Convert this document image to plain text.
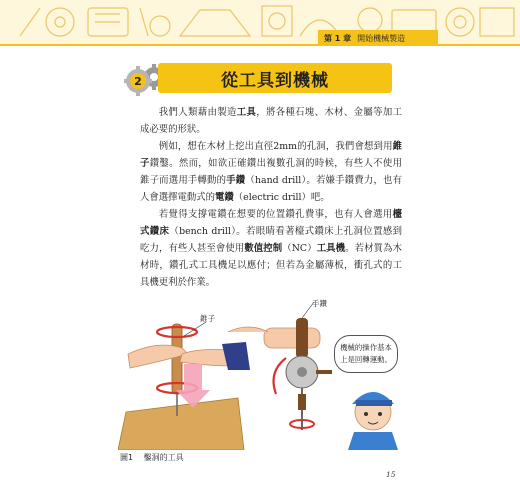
第 1 章 開始機械製造
2	從工具到機械

我們人類藉由製造工具，將各種石塊、木材、金屬等加工成必要的形狀。

例如，想在木材上挖出直徑2mm的孔洞，我們會想到用錐子鑽鑿。然而，如欲正確鑽出複數孔洞的時候，有些人不使用錐子而選用手轉動的手鑽（hand drill）。若嫌手鑽費力，也有人會選擇電動式的電鑽（electric drill）吧。

若覺得支撐電鑽在想要的位置鑽孔費事，也有人會選用檯式鑽床（bench drill）。若眼睛看著檯式鑽床上孔洞位置感到吃力，有些人甚至會使用數值控制（NC）工具機。若材質為木材時，鑽孔式工具機足以應付；但若為金屬薄板，衝孔式的工具機更利於作業。

錐子
手鑽
機械的操作基本
上是回轉運動。
圖1 鑿洞的工具
15
